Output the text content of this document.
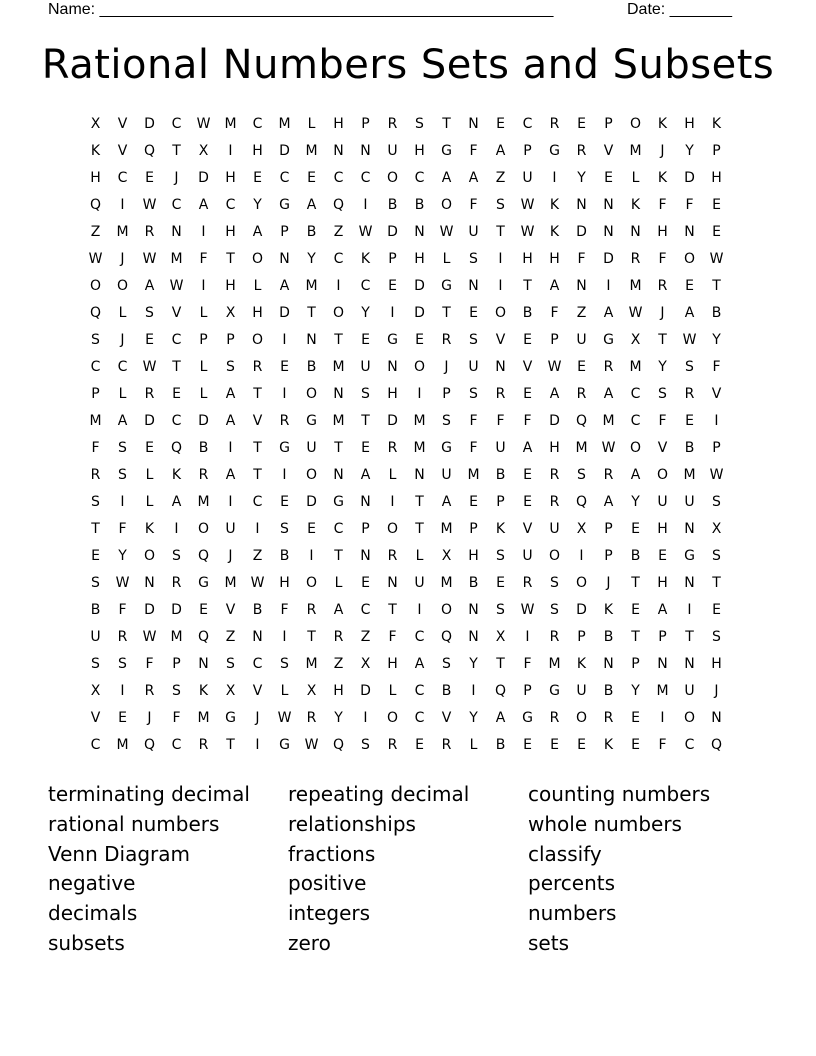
Name: ___________________________________________________	Date: _______
Rational Numbers Sets and Subsets
X	V	D	C	W	M	C	M	L	H	P	R	S	T	N	E	C	R	E	P	O	K	H	K
K	V	Q	T	X	I	H	D	M	N	N	U	H	G	F	A	P	G	R	V	M	J	Y	P
H	C	E	J	D	H	E	C	E	C	C	O	C	A	A	Z	U	I	Y	E	L	K	D	H
Q	I	W	C	A	C	Y	G	A	Q	I	B	B	O	F	S	W	K	N	N	K	F	F	E
Z	M	R	N	I	H	A	P	B	Z	W	D	N	W	U	T	W	K	D	N	N	H	N	E
W	J	W	M	F	T	O	N	Y	C	K	P	H	L	S	I	H	H	F	D	R	F	O	W
O	O	A	W	I	H	L	A	M	I	C	E	D	G	N	I	T	A	N	I	M	R	E	T
Q	L	S	V	L	X	H	D	T	O	Y	I	D	T	E	O	B	F	Z	A	W	J	A	B
S	J	E	C	P	P	O	I	N	T	E	G	E	R	S	V	E	P	U	G	X	T	W	Y
C	C	W	T	L	S	R	E	B	M	U	N	O	J	U	N	V	W	E	R	M	Y	S	F
P	L	R	E	L	A	T	I	O	N	S	H	I	P	S	R	E	A	R	A	C	S	R	V
M	A	D	C	D	A	V	R	G	M	T	D	M	S	F	F	F	D	Q	M	C	F	E	I
F	S	E	Q	B	I	T	G	U	T	E	R	M	G	F	U	A	H	M	W	O	V	B	P
R	S	L	K	R	A	T	I	O	N	A	L	N	U	M	B	E	R	S	R	A	O	M	W
S	I	L	A	M	I	C	E	D	G	N	I	T	A	E	P	E	R	Q	A	Y	U	U	S
T	F	K	I	O	U	I	S	E	C	P	O	T	M	P	K	V	U	X	P	E	H	N	X
E	Y	O	S	Q	J	Z	B	I	T	N	R	L	X	H	S	U	O	I	P	B	E	G	S
S	W	N	R	G	M	W	H	O	L	E	N	U	M	B	E	R	S	O	J	T	H	N	T
B	F	D	D	E	V	B	F	R	A	C	T	I	O	N	S	W	S	D	K	E	A	I	E
U	R	W	M	Q	Z	N	I	T	R	Z	F	C	Q	N	X	I	R	P	B	T	P	T	S
S	S	F	P	N	S	C	S	M	Z	X	H	A	S	Y	T	F	M	K	N	P	N	N	H
X	I	R	S	K	X	V	L	X	H	D	L	C	B	I	Q	P	G	U	B	Y	M	U	J
V	E	J	F	M	G	J	W	R	Y	I	O	C	V	Y	A	G	R	O	R	E	I	O	N
C	M	Q	C	R	T	I	G	W	Q	S	R	E	R	L	B	E	E	E	K	E	F	C	Q
terminating decimal
rational numbers
Venn Diagram
negative
decimals
subsets
repeating decimal
relationships
fractions
positive
integers
zero
counting numbers
whole numbers
classify
percents
numbers
sets
